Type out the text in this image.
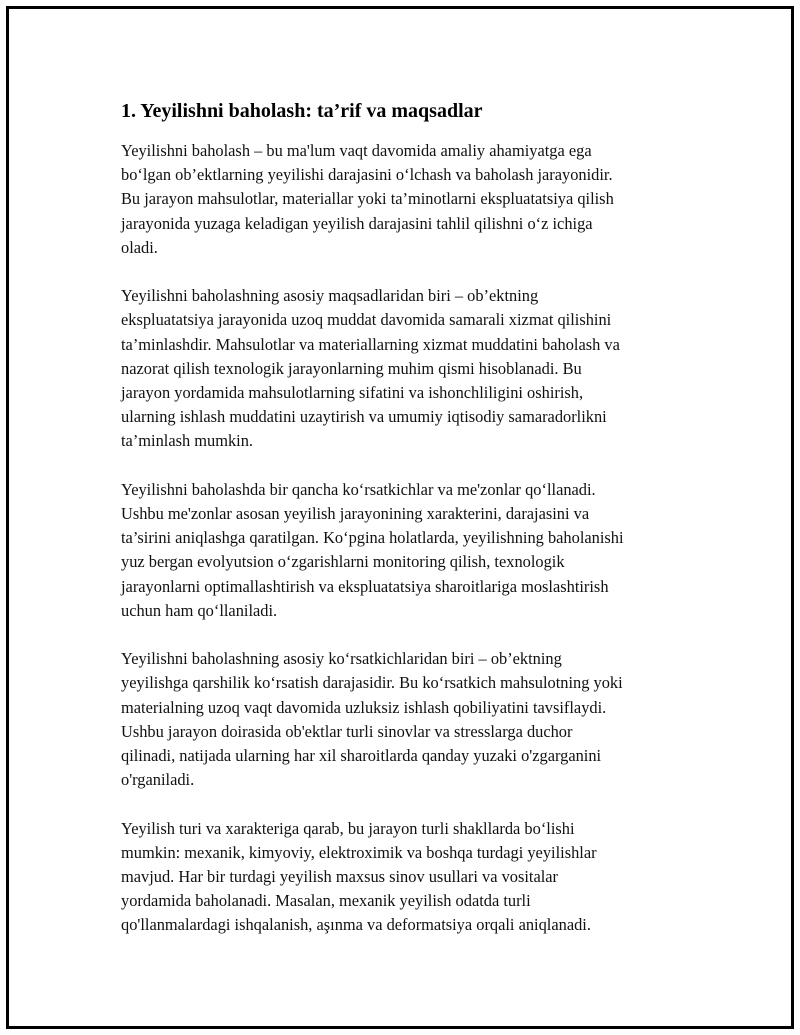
1. Yeyilishni baholash: ta’rif va maqsadlar

Yeyilishni baholash – bu ma'lum vaqt davomida amaliy ahamiyatga ega
bo‘lgan ob’ektlarning yeyilishi darajasini o‘lchash va baholash jarayonidir.
Bu jarayon mahsulotlar, materiallar yoki ta’minotlarni ekspluatatsiya qilish
jarayonida yuzaga keladigan yeyilish darajasini tahlil qilishni o‘z ichiga
oladi.

Yeyilishni baholashning asosiy maqsadlaridan biri – ob’ektning
ekspluatatsiya jarayonida uzoq muddat davomida samarali xizmat qilishini
ta’minlashdir. Mahsulotlar va materiallarning xizmat muddatini baholash va
nazorat qilish texnologik jarayonlarning muhim qismi hisoblanadi. Bu
jarayon yordamida mahsulotlarning sifatini va ishonchliligini oshirish,
ularning ishlash muddatini uzaytirish va umumiy iqtisodiy samaradorlikni
ta’minlash mumkin.

Yeyilishni baholashda bir qancha ko‘rsatkichlar va me'zonlar qo‘llanadi.
Ushbu me'zonlar asosan yeyilish jarayonining xarakterini, darajasini va
ta’sirini aniqlashga qaratilgan. Ko‘pgina holatlarda, yeyilishning baholanishi
yuz bergan evolyutsion o‘zgarishlarni monitoring qilish, texnologik
jarayonlarni optimallashtirish va ekspluatatsiya sharoitlariga moslashtirish
uchun ham qo‘llaniladi.

Yeyilishni baholashning asosiy ko‘rsatkichlaridan biri – ob’ektning
yeyilishga qarshilik ko‘rsatish darajasidir. Bu ko‘rsatkich mahsulotning yoki
materialning uzoq vaqt davomida uzluksiz ishlash qobiliyatini tavsiflaydi.
Ushbu jarayon doirasida ob'ektlar turli sinovlar va stresslarga duchor
qilinadi, natijada ularning har xil sharoitlarda qanday yuzaki o'zgarganini
o'rganiladi.

Yeyilish turi va xarakteriga qarab, bu jarayon turli shakllarda bo‘lishi
mumkin: mexanik, kimyoviy, elektroximik va boshqa turdagi yeyilishlar
mavjud. Har bir turdagi yeyilish maxsus sinov usullari va vositalar
yordamida baholanadi. Masalan, mexanik yeyilish odatda turli
qo'llanmalardagi ishqalanish, aşınma va deformatsiya orqali aniqlanadi.
